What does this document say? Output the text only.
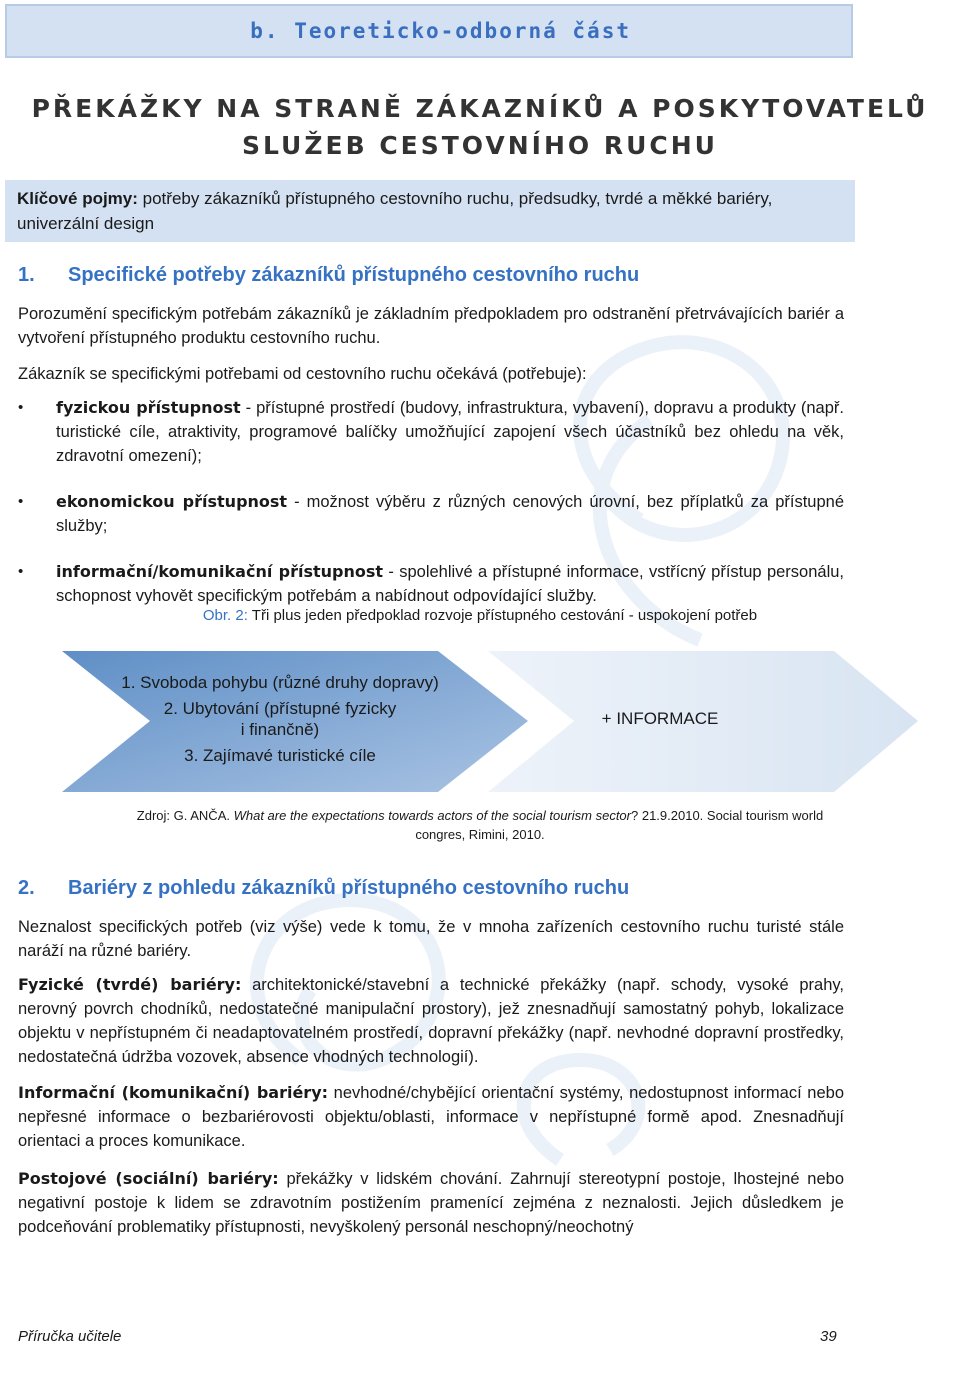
b. Teoreticko-odborná část
PŘEKÁŽKY NA STRANĚ ZÁKAZNÍKŮ A POSKYTOVATELŮ
SLUŽEB CESTOVNÍHO RUCHU
Klíčové pojmy: potřeby zákazníků přístupného cestovního ruchu, předsudky, tvrdé a měkké bariéry, univerzální design
1. Specifické potřeby zákazníků přístupného cestovního ruchu
Porozumění specifickým potřebám zákazníků je základním předpokladem pro odstranění přetrvávajících bariér a vytvoření přístupného produktu cestovního ruchu.
Zákazník se specifickými potřebami od cestovního ruchu očekává (potřebuje):
• fyzickou přístupnost - přístupné prostředí (budovy, infrastruktura, vybavení), dopravu a produkty (např. turistické cíle, atraktivity, programové balíčky umožňující zapojení všech účastníků bez ohledu na věk, zdravotní omezení);
• ekonomickou přístupnost - možnost výběru z různých cenových úrovní, bez příplatků za přístupné služby;
• informační/komunikační přístupnost - spolehlivé a přístupné informace, vstřícný přístup personálu, schopnost vyhovět specifickým potřebám a nabídnout odpovídající služby.
Obr. 2: Tři plus jeden předpoklad rozvoje přístupného cestování - uspokojení potřeb
1. Svoboda pohybu (různé druhy dopravy)
2. Ubytování (přístupné fyzicky
i finančně)
3. Zajímavé turistické cíle
+ INFORMACE
Zdroj: G. ANČA. What are the expectations towards actors of the social tourism sector? 21.9.2010. Social tourism world
congres, Rimini, 2010.
2. Bariéry z pohledu zákazníků přístupného cestovního ruchu
Neznalost specifických potřeb (viz výše) vede k tomu, že v mnoha zařízeních cestovního ruchu turisté stále naráží na různé bariéry.
Fyzické (tvrdé) bariéry: architektonické/stavební a technické překážky (např. schody, vysoké prahy, nerovný povrch chodníků, nedostatečné manipulační prostory), jež znesnadňují samostatný pohyb, lokalizace objektu v nepřístupném či neadaptovatelném prostředí, dopravní překážky (např. nevhodné dopravní prostředky, nedostatečná údržba vozovek, absence vhodných technologií).
Informační (komunikační) bariéry: nevhodné/chybějící orientační systémy, nedostupnost informací nebo nepřesné informace o bezbariérovosti objektu/oblasti, informace v nepřístupné formě apod. Znesnadňují orientaci a proces komunikace.
Postojové (sociální) bariéry: překážky v lidském chování. Zahrnují stereotypní postoje, lhostejné nebo negativní postoje k lidem se zdravotním postižením pramenící zejména z neznalosti. Jejich důsledkem je podceňování problematiky přístupnosti, nevyškolený personál neschopný/neochotný
Příručka učitele	39
